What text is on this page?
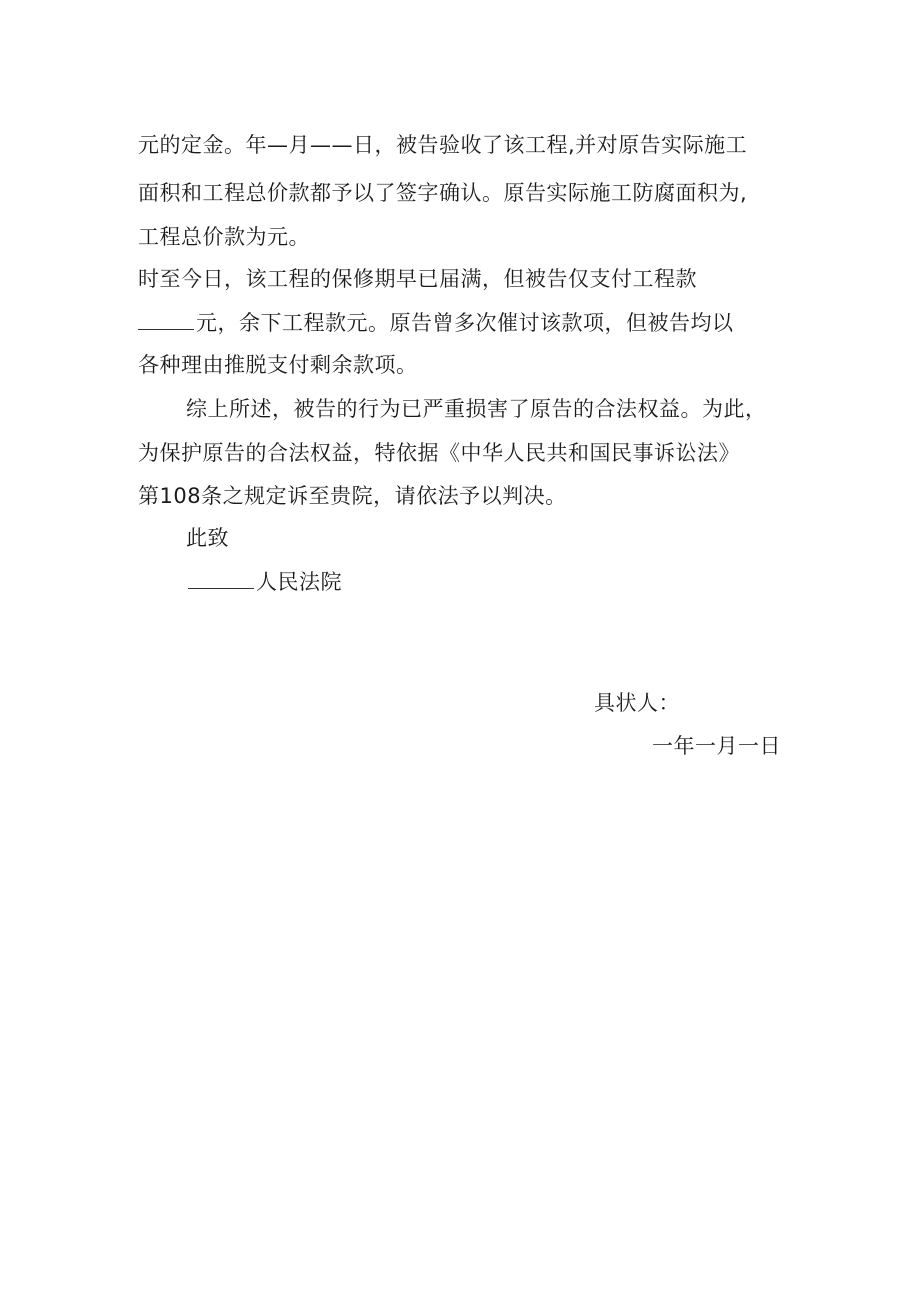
元的定金。年—月——日，被告验收了该工程,并对原告实际施工
面积和工程总价款都予以了签字确认。原告实际施工防腐面积为,
工程总价款为元。
时至今日，该工程的保修期早已届满，但被告仅支付工程款
元，余下工程款元。原告曾多次催讨该款项，但被告均以
各种理由推脱支付剩余款项。
综上所述，被告的行为已严重损害了原告的合法权益。为此，
为保护原告的合法权益，特依据《中华人民共和国民事诉讼法》
第108条之规定诉至贵院，请依法予以判决。
此致
人民法院
具状人：
一年一月一日
